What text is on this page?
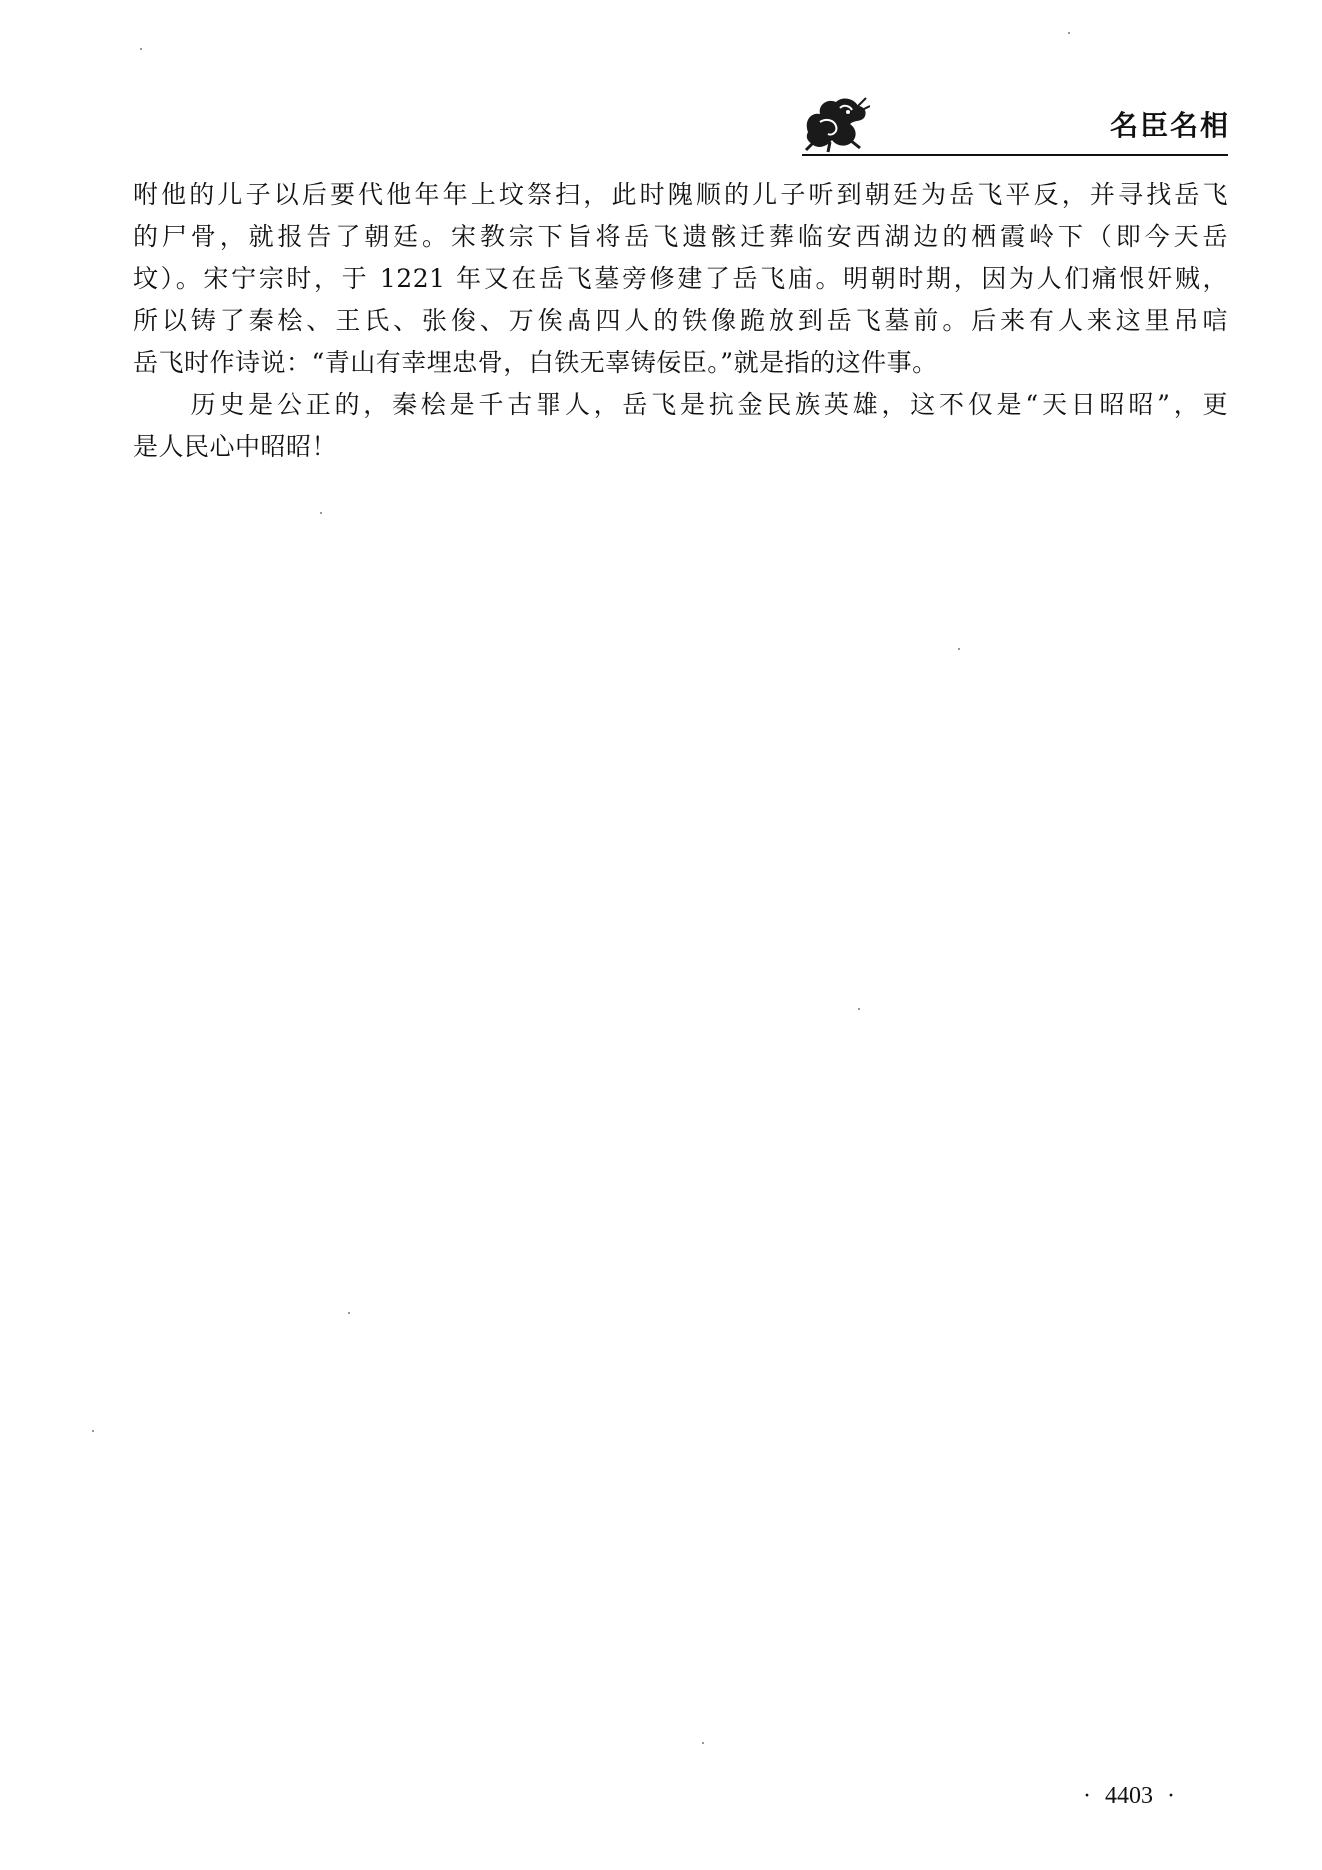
名臣名相
咐他的儿子以后要代他年年上坟祭扫，此时隗顺的儿子听到朝廷为岳飞平反，并寻找岳飞
的尸骨，就报告了朝廷。宋教宗下旨将岳飞遗骸迁葬临安西湖边的栖霞岭下（即今天岳
坟）。宋宁宗时，于 1221 年又在岳飞墓旁修建了岳飞庙。明朝时期，因为人们痛恨奸贼，
所以铸了秦桧、王氏、张俊、万俟卨四人的铁像跪放到岳飞墓前。后来有人来这里吊唁
岳飞时作诗说：“青山有幸埋忠骨，白铁无辜铸佞臣。”就是指的这件事。
　　历史是公正的，秦桧是千古罪人，岳飞是抗金民族英雄，这不仅是“天日昭昭”，更
是人民心中昭昭！
· 4403 ·
